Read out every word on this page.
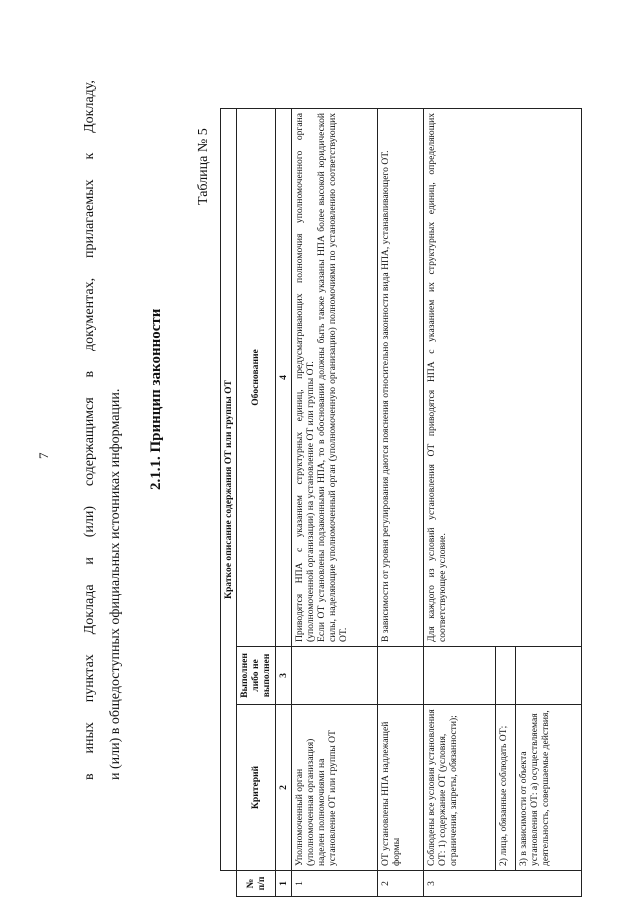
7
в
иных
пунктах
Доклада
и
(или)
содержащимся
в
документах,
прилагаемых
к
Докладу,
и (или) в общедоступных официальных источниках информации. 2.1.1. Принцип законности
Таблица № 5
	Краткое описание содержания ОТ или группы ОТ		
№ п/п	Критерий	Выполнен либо не выполнен	Обоснование
1	2	3	4
1	Уполномоченный орган (уполномоченная организация) наделен полномочиями на установление ОТ или группы ОТ		Приводятся НПА с указанием структурных единиц, предусматривающих полномочия уполномоченного органа (уполномоченной организации) на установление ОТ или группы ОТ. Если ОТ установлены подзаконными НПА, то в обосновании должны быть также указаны НПА более высокой юридической силы, наделяющие уполномоченный орган (уполномоченную организацию) полномочиями по установлению соответствующих ОТ.

2	ОТ установлены НПА надлежащей формы		В зависимости от уровня регулирования даются пояснения относительно законности вида НПА, устанавливающего ОТ.

3	Соблюдены все условия установления ОТ: 1) содержание ОТ (условия, ограничения, запреты, обязанности);		Для каждого из условий установления ОТ приводятся НПА с указанием их структурных единиц, определяющих соответствующее условие.

	2) лица, обязанные соблюдать ОТ;		
	3) в зависимости от объекта установления ОТ: а) осуществляемая деятельность, совершаемые действия,		
